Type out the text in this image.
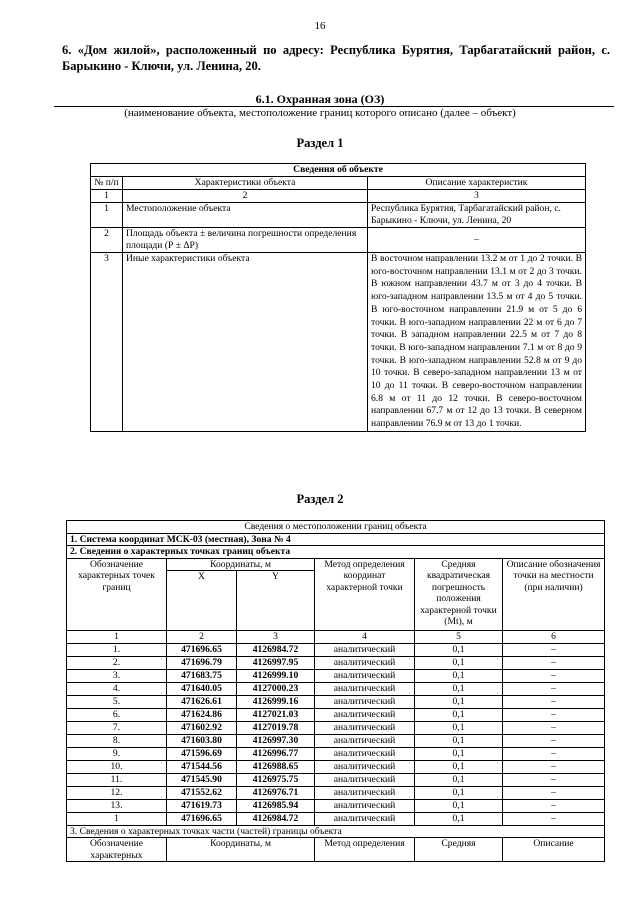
16
6. «Дом жилой», расположенный по адресу: Республика Бурятия, Тарбагатайский район, с. Барыкино - Ключи, ул. Ленина, 20.
6.1. Охранная зона (ОЗ)
(наименование объекта, местоположение границ которого описано (далее – объект)
Раздел 1
Сведения об объекте		
№ п/п	Характеристики объекта	Описание характеристик
1	2	3
1	Местоположение объекта	Республика Бурятия, Тарбагатайский район, с. Барыкино - Ключи, ул. Ленина, 20
2	Площадь объекта ± величина погрешности определения площади (Р ± ΔР)	–
3	Иные характеристики объекта	В восточном направлении 13.2 м от 1 до 2 точки. В юго-восточном направлении 13.1 м от 2 до 3 точки. В южном направлении 43.7 м от 3 до 4 точки. В юго-западном направлении 13.5 м от 4 до 5 точки. В юго-восточном направлении 21.9 м от 5 до 6 точки. В юго-западном направлении 22 м от 6 до 7 точки. В западном направлении 22.5 м от 7 до 8 точки. В юго-западном направлении 7.1 м от 8 до 9 точки. В юго-западном направлении 52.8 м от 9 до 10 точки. В северо-западном направлении 13 м от 10 до 11 точки. В северо-восточном направлении 6.8 м от 11 до 12 точки. В северо-восточном направлении 67.7 м от 12 до 13 точки. В северном направлении 76.9 м от 13 до 1 точки.
Раздел 2
Сведения о местоположении границ объекта					
1. Система координат МСК-03 (местная), Зона № 4					
2. Сведения о характерных точках границ объекта					
Обозначение характерных точек границ	Координаты, м		Метод определения координат характерной точки	Средняя квадратическая погрешность положения характерной точки (Mt), м	Описание обозначения точки на местности (при наличии)
	X	Y			
1	2	3	4	5	6
1.	471696.65	4126984.72	аналитический	0,1	–
2.	471696.79	4126997.95	аналитический	0,1	–
3.	471683.75	4126999.10	аналитический	0,1	–
4.	471640.05	4127000.23	аналитический	0,1	–
5.	471626.61	4126999.16	аналитический	0,1	–
6.	471624.86	4127021.03	аналитический	0,1	–
7.	471602.92	4127019.78	аналитический	0,1	–
8.	471603.80	4126997.30	аналитический	0,1	–
9.	471596.69	4126996.77	аналитический	0,1	–
10.	471544.56	4126988.65	аналитический	0,1	–
11.	471545.90	4126975.75	аналитический	0,1	–
12.	471552.62	4126976.71	аналитический	0,1	–
13.	471619.73	4126985.94	аналитический	0,1	–
1	471696.65	4126984.72	аналитический	0,1	–
3. Сведения о характерных точках части (частей) границы объекта					
Обозначение характерных	Координаты, м		Метод определения	Средняя	Описание
